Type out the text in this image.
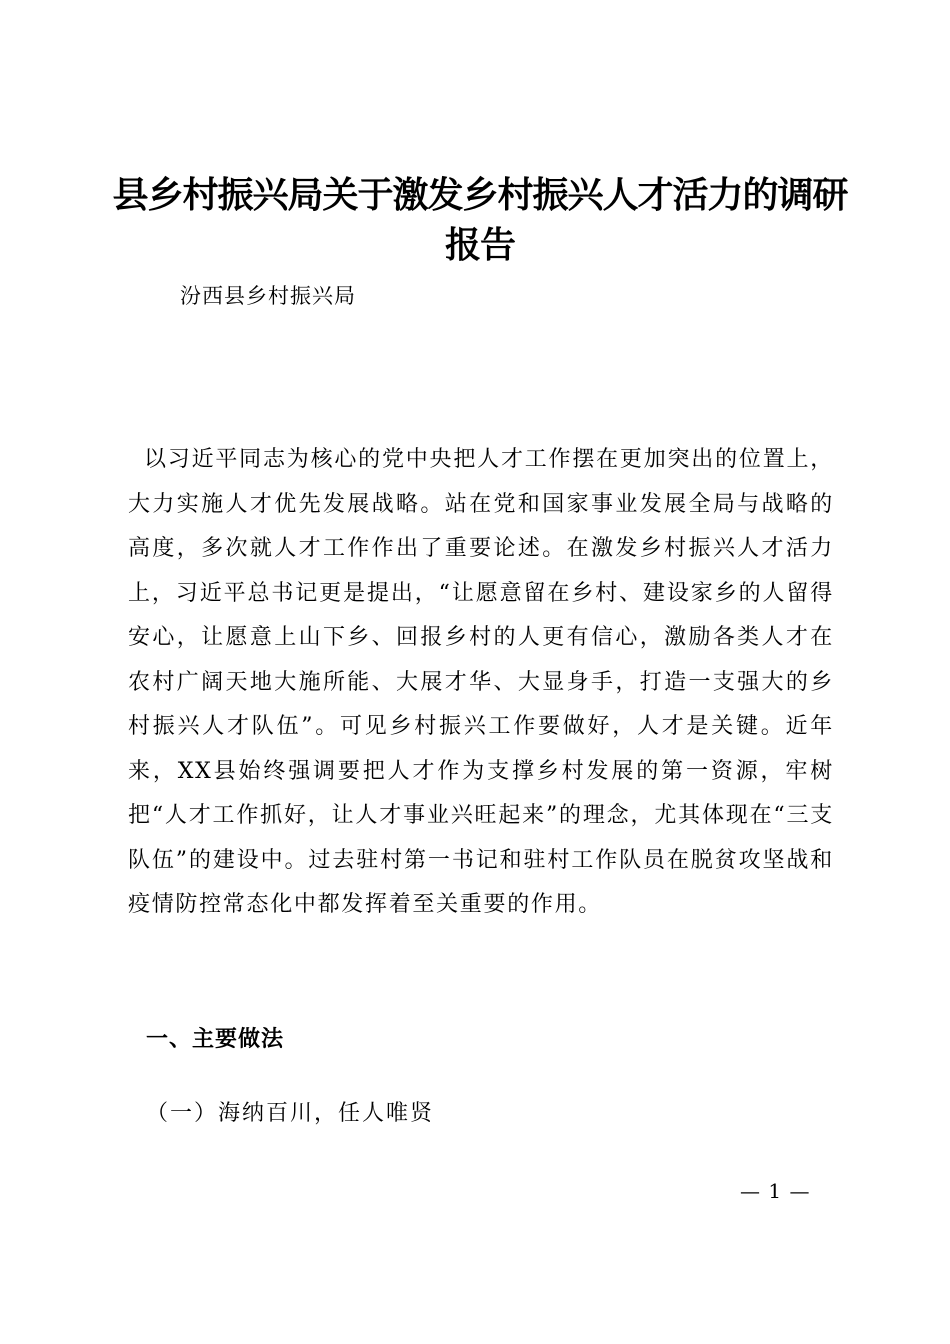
县乡村振兴局关于激发乡村振兴人才活力的调研报告
汾西县乡村振兴局

以习近平同志为核心的党中央把人才工作摆在更加突出的位置上，大力实施人才优先发展战略。站在党和国家事业发展全局与战略的高度，多次就人才工作作出了重要论述。在激发乡村振兴人才活力上，习近平总书记更是提出，“让愿意留在乡村、建设家乡的人留得安心，让愿意上山下乡、回报乡村的人更有信心，激励各类人才在农村广阔天地大施所能、大展才华、大显身手，打造一支强大的乡村振兴人才队伍”。可见乡村振兴工作要做好，人才是关键。近年来，XX县始终强调要把人才作为支撑乡村发展的第一资源，牢树把“人才工作抓好，让人才事业兴旺起来”的理念，尤其体现在“三支队伍”的建设中。过去驻村第一书记和驻村工作队员在脱贫攻坚战和疫情防控常态化中都发挥着至关重要的作用。

一、主要做法
（一）海纳百川，任人唯贤
— 1 —
